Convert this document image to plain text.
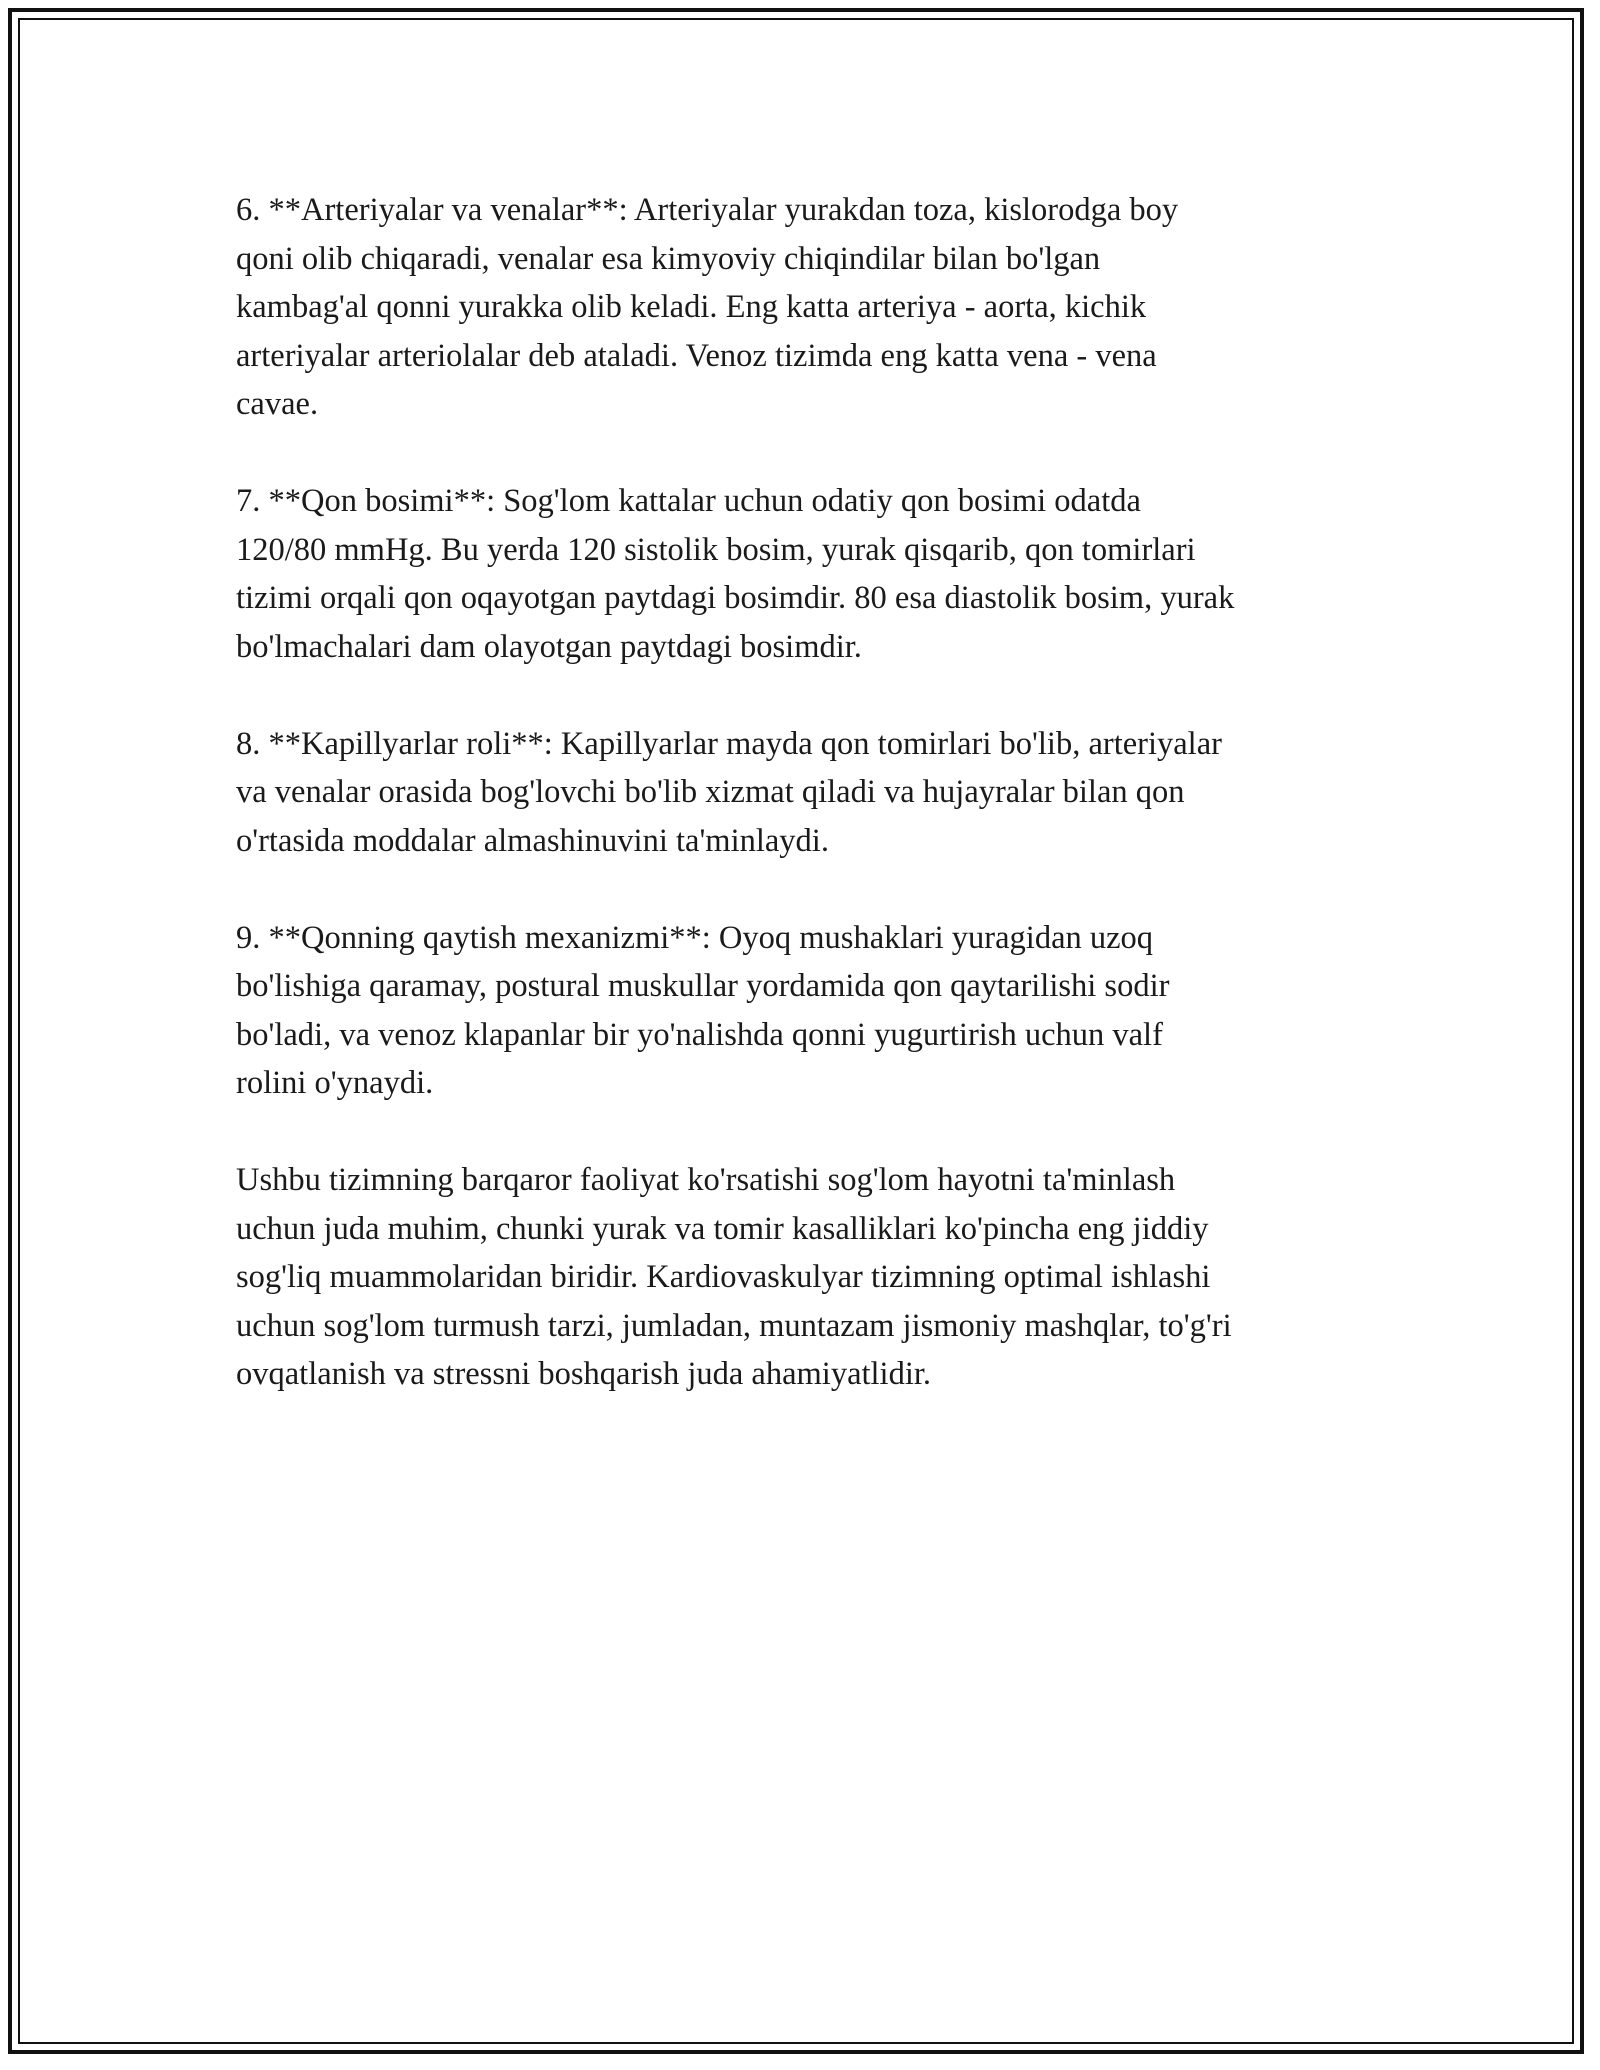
6. **Arteriyalar va venalar**: Arteriyalar yurakdan toza, kislorodga boy
qoni olib chiqaradi, venalar esa kimyoviy chiqindilar bilan bo'lgan
kambag'al qonni yurakka olib keladi. Eng katta arteriya - aorta, kichik
arteriyalar arteriolalar deb ataladi. Venoz tizimda eng katta vena - vena
cavae.

7. **Qon bosimi**: Sog'lom kattalar uchun odatiy qon bosimi odatda
120/80 mmHg. Bu yerda 120 sistolik bosim, yurak qisqarib, qon tomirlari
tizimi orqali qon oqayotgan paytdagi bosimdir. 80 esa diastolik bosim, yurak
bo'lmachalari dam olayotgan paytdagi bosimdir.

8. **Kapillyarlar roli**: Kapillyarlar mayda qon tomirlari bo'lib, arteriyalar
va venalar orasida bog'lovchi bo'lib xizmat qiladi va hujayralar bilan qon
o'rtasida moddalar almashinuvini ta'minlaydi.

9. **Qonning qaytish mexanizmi**: Oyoq mushaklari yuragidan uzoq
bo'lishiga qaramay, postural muskullar yordamida qon qaytarilishi sodir
bo'ladi, va venoz klapanlar bir yo'nalishda qonni yugurtirish uchun valf
rolini o'ynaydi.

Ushbu tizimning barqaror faoliyat ko'rsatishi sog'lom hayotni ta'minlash
uchun juda muhim, chunki yurak va tomir kasalliklari ko'pincha eng jiddiy
sog'liq muammolaridan biridir. Kardiovaskulyar tizimning optimal ishlashi
uchun sog'lom turmush tarzi, jumladan, muntazam jismoniy mashqlar, to'g'ri
ovqatlanish va stressni boshqarish juda ahamiyatlidir.
